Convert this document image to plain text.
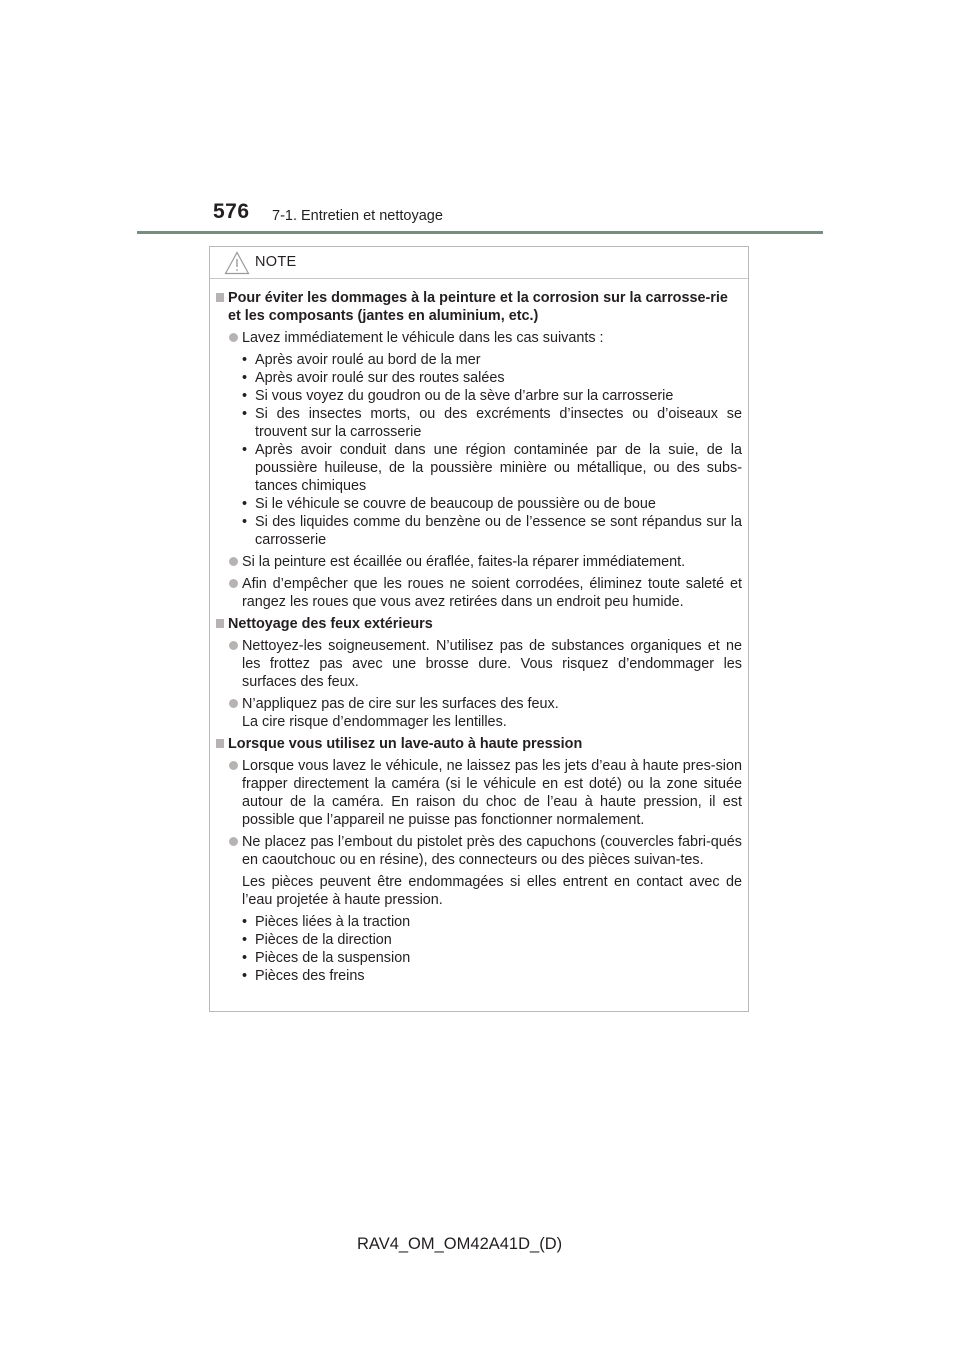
576 7-1. Entretien et nettoyage
NOTE
Pour éviter les dommages à la peinture et la corrosion sur la carrosse-rie et les composants (jantes en aluminium, etc.)
Lavez immédiatement le véhicule dans les cas suivants :
• Après avoir roulé au bord de la mer
• Après avoir roulé sur des routes salées
• Si vous voyez du goudron ou de la sève d’arbre sur la carrosserie
• Si des insectes morts, ou des excréments d’insectes ou d’oiseaux se trouvent sur la carrosserie
• Après avoir conduit dans une région contaminée par de la suie, de la poussière huileuse, de la poussière minière ou métallique, ou des subs-tances chimiques
• Si le véhicule se couvre de beaucoup de poussière ou de boue
• Si des liquides comme du benzène ou de l’essence se sont répandus sur la carrosserie
Si la peinture est écaillée ou éraflée, faites-la réparer immédiatement.
Afin d’empêcher que les roues ne soient corrodées, éliminez toute saleté et rangez les roues que vous avez retirées dans un endroit peu humide.
Nettoyage des feux extérieurs
Nettoyez-les soigneusement. N’utilisez pas de substances organiques et ne les frottez pas avec une brosse dure. Vous risquez d’endommager les surfaces des feux.
N’appliquez pas de cire sur les surfaces des feux.
La cire risque d’endommager les lentilles.
Lorsque vous utilisez un lave-auto à haute pression
Lorsque vous lavez le véhicule, ne laissez pas les jets d’eau à haute pres-sion frapper directement la caméra (si le véhicule en est doté) ou la zone située autour de la caméra. En raison du choc de l’eau à haute pression, il est possible que l’appareil ne puisse pas fonctionner normalement.
Ne placez pas l’embout du pistolet près des capuchons (couvercles fabri-qués en caoutchouc ou en résine), des connecteurs ou des pièces suivan-tes.
Les pièces peuvent être endommagées si elles entrent en contact avec de l’eau projetée à haute pression.
• Pièces liées à la traction
• Pièces de la direction
• Pièces de la suspension
• Pièces des freins
RAV4_OM_OM42A41D_(D)
